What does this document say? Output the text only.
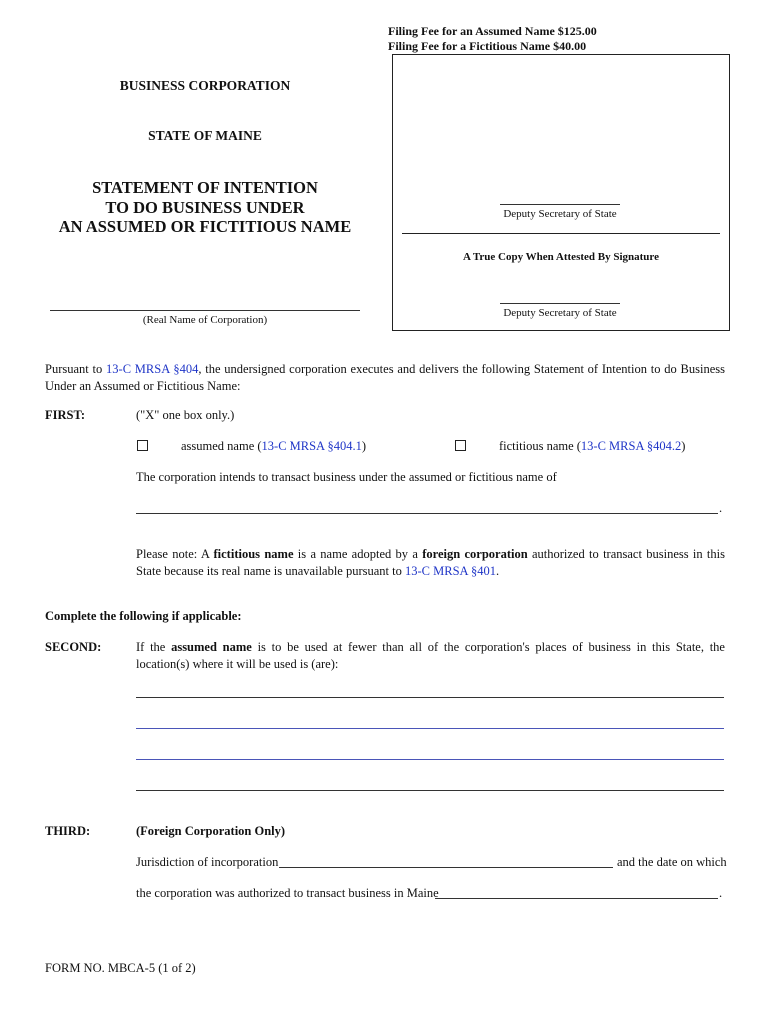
Filing Fee for an Assumed Name $125.00
Filing Fee for a Fictitious Name $40.00
BUSINESS CORPORATION
STATE OF MAINE
STATEMENT OF INTENTION
TO DO BUSINESS UNDER
AN ASSUMED OR FICTITIOUS NAME
(Real Name of Corporation)
Deputy Secretary of State
A True Copy When Attested By Signature
Deputy Secretary of State
Pursuant to 13-C MRSA §404, the undersigned corporation executes and delivers the following Statement of Intention to do Business Under an Assumed or Fictitious Name:
FIRST:	("X" one box only.)
assumed name (13-C MRSA §404.1)	fictitious name (13-C MRSA §404.2)
The corporation intends to transact business under the assumed or fictitious name of
.
Please note: A fictitious name is a name adopted by a foreign corporation authorized to transact business in this State because its real name is unavailable pursuant to 13-C MRSA §401.
Complete the following if applicable:
SECOND:	If the assumed name is to be used at fewer than all of the corporation's places of business in this State, the location(s) where it will be used is (are):
THIRD:	(Foreign Corporation Only)
Jurisdiction of incorporation	and the date on which
the corporation was authorized to transact business in Maine	.
FORM NO. MBCA-5 (1 of 2)
